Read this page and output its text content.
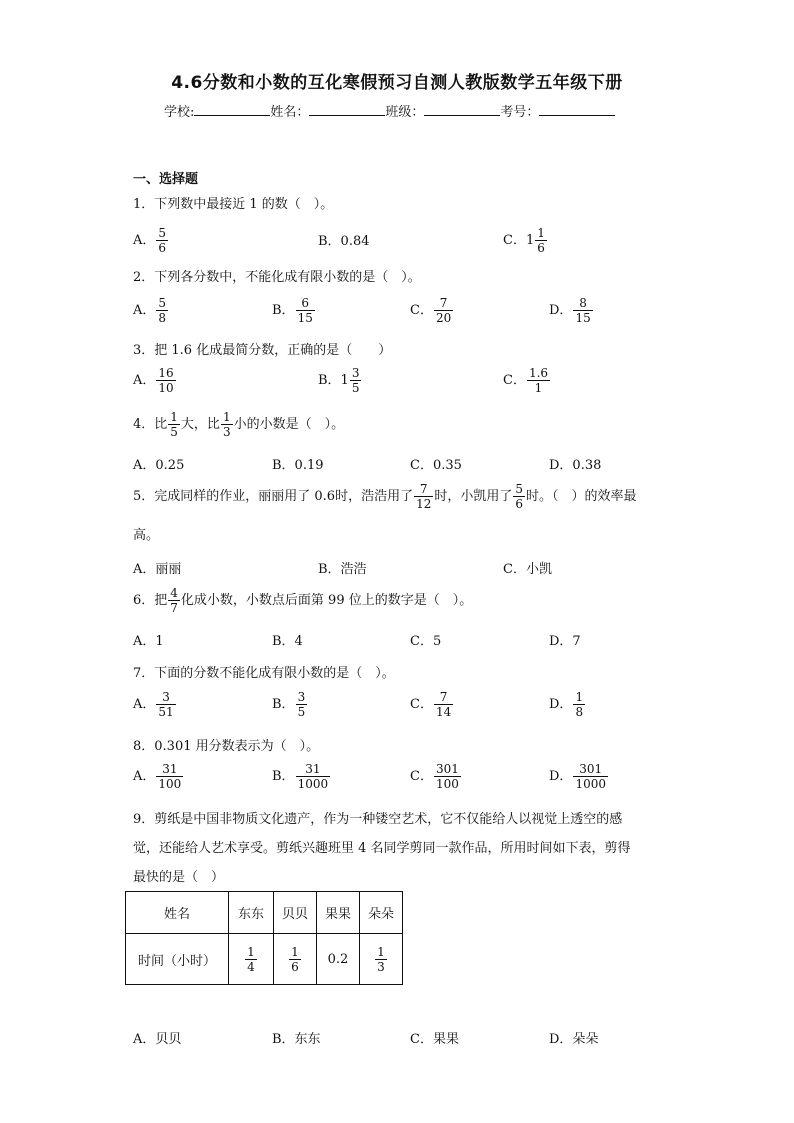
4.6分数和小数的互化寒假预习自测人教版数学五年级下册
学校:	姓名：	班级：	考号：
一、选择题
1．下列数中最接近 1 的数（　）。
A． $\frac{5}{6}$	B．0.84	C．$1 \frac{1}{6}$
2．下列各分数中，不能化成有限小数的是（　）。
A． $\frac{5}{8}$	B． $\frac{6}{15}$	C． $\frac{7}{20}$	D． $\frac{8}{15}$
3．把 1.6 化成最简分数，正确的是（　　）
A． $\frac{16}{10}$	B．$1 \frac{3}{5}$	C． $\frac{1.6}{1}$
4．比 $\frac{1}{5}$ 大，比 $\frac{1}{3}$ 小的小数是（　）。
A．0.25	B．0.19	C．0.35	D．0.38
5．完成同样的作业，丽丽用了 0.6时，浩浩用了 $\frac{7}{12}$ 时，小凯用了 $\frac{5}{6}$ 时。（　）的效率最
高。
A．丽丽	B．浩浩	C．小凯
6．把 $\frac{4}{7}$ 化成小数，小数点后面第 99 位上的数字是（　）。
A．1	B．4	C．5	D．7
7．下面的分数不能化成有限小数的是（　）。
A． $\frac{3}{51}$	B． $\frac{3}{5}$	C． $\frac{7}{14}$	D． $\frac{1}{8}$
8．0.301 用分数表示为（　）。
A． $\frac{31}{100}$	B． $\frac{31}{1000}$	C． $\frac{301}{100}$	D． $\frac{301}{1000}$
9．剪纸是中国非物质文化遗产，作为一种镂空艺术，它不仅能给人以视觉上透空的感
觉，还能给人艺术享受。剪纸兴趣班里 4 名同学剪同一款作品，所用时间如下表，剪得
最快的是（　）
姓名	东东	贝贝	果果	朵朵
时间（小时）	$\frac{1}{4}$	$\frac{1}{6}$	0.2	$\frac{1}{3}$
A．贝贝	B．东东	C．果果	D．朵朵
